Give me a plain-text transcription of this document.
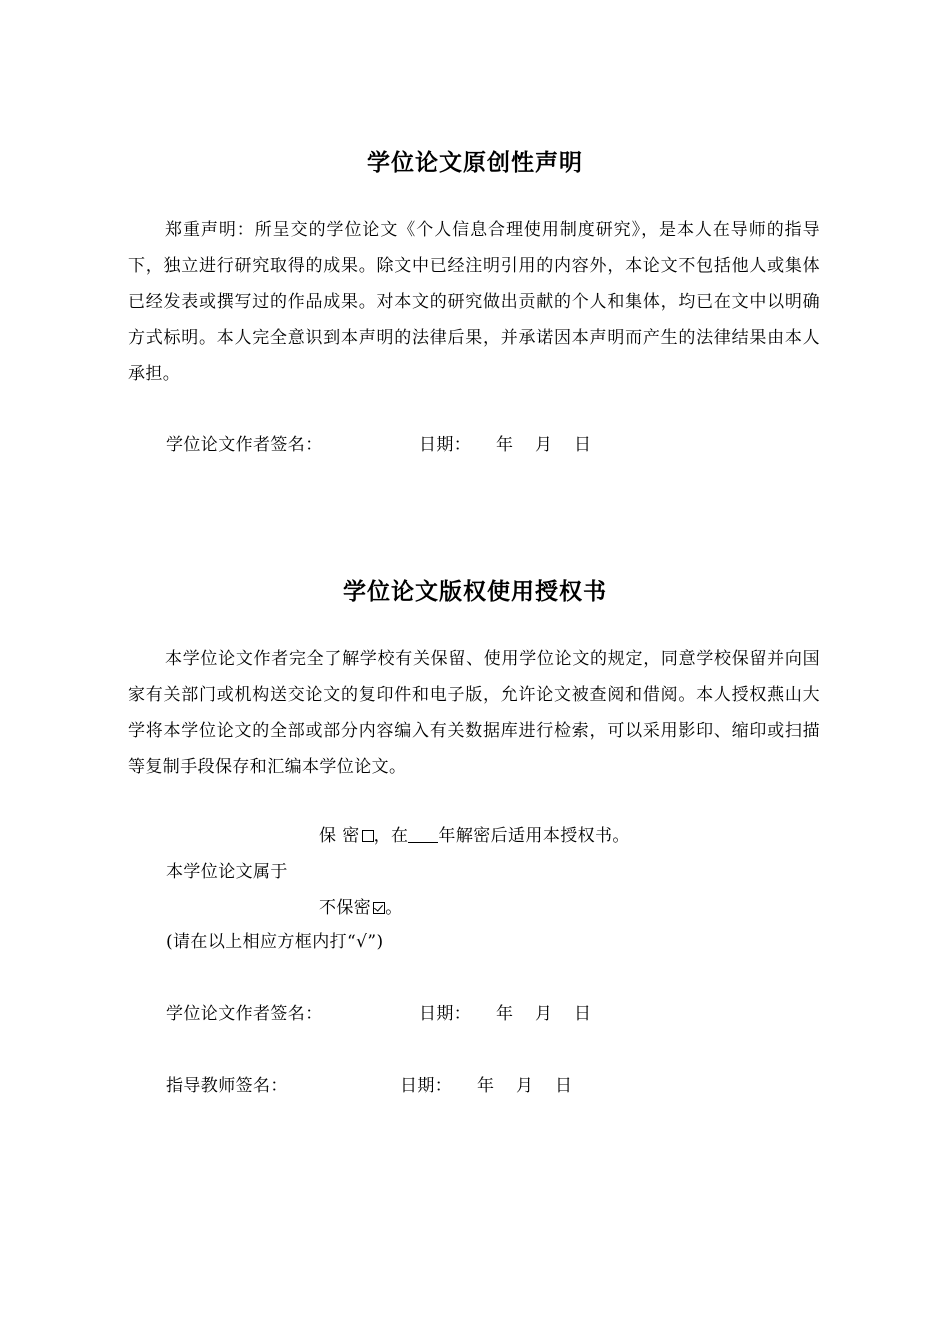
学位论文原创性声明
郑重声明：所呈交的学位论文《个人信息合理使用制度研究》，是本人在导师的指导下，独立进行研究取得的成果。除文中已经注明引用的内容外，本论文不包括他人或集体已经发表或撰写过的作品成果。对本文的研究做出贡献的个人和集体，均已在文中以明确方式标明。本人完全意识到本声明的法律后果，并承诺因本声明而产生的法律结果由本人承担。
学位论文作者签名：	日期： 年 月 日
学位论文版权使用授权书
本学位论文作者完全了解学校有关保留、使用学位论文的规定，同意学校保留并向国家有关部门或机构送交论文的复印件和电子版，允许论文被查阅和借阅。本人授权燕山大学将本学位论文的全部或部分内容编入有关数据库进行检索，可以采用影印、缩印或扫描等复制手段保存和汇编本学位论文。
保 密 ，在 年解密后适用本授权书。
本学位论文属于
不保密 。
(请在以上相应方框内打“√”)
学位论文作者签名：	日期： 年 月 日
指导教师签名：	日期： 年 月 日
